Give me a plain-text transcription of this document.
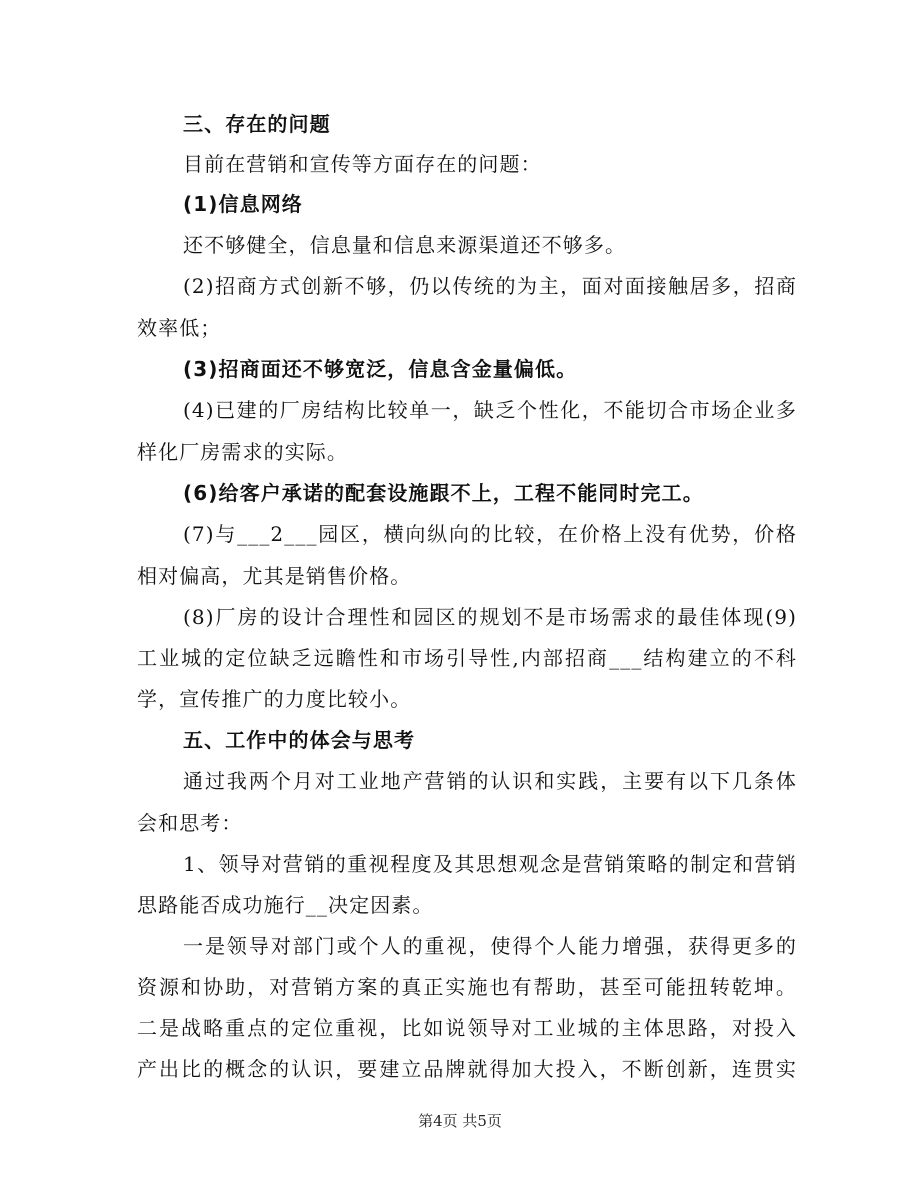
三、存在的问题
目前在营销和宣传等方面存在的问题：
(1)信息网络
还不够健全，信息量和信息来源渠道还不够多。
(2)招商方式创新不够，仍以传统的为主，面对面接触居多，招商
效率低；
(3)招商面还不够宽泛，信息含金量偏低。
(4)已建的厂房结构比较单一，缺乏个性化，不能切合市场企业多
样化厂房需求的实际。
(6)给客户承诺的配套设施跟不上，工程不能同时完工。
(7)与___2___园区，横向纵向的比较，在价格上没有优势，价格
相对偏高，尤其是销售价格。
(8)厂房的设计合理性和园区的规划不是市场需求的最佳体现(9)
工业城的定位缺乏远瞻性和市场引导性,内部招商___结构建立的不科
学，宣传推广的力度比较小。
五、工作中的体会与思考
通过我两个月对工业地产营销的认识和实践，主要有以下几条体
会和思考：
1、领导对营销的重视程度及其思想观念是营销策略的制定和营销
思路能否成功施行__决定因素。
一是领导对部门或个人的重视，使得个人能力增强，获得更多的
资源和协助，对营销方案的真正实施也有帮助，甚至可能扭转乾坤。
二是战略重点的定位重视，比如说领导对工业城的主体思路，对投入
产出比的概念的认识，要建立品牌就得加大投入，不断创新，连贯实
第4页 共5页
